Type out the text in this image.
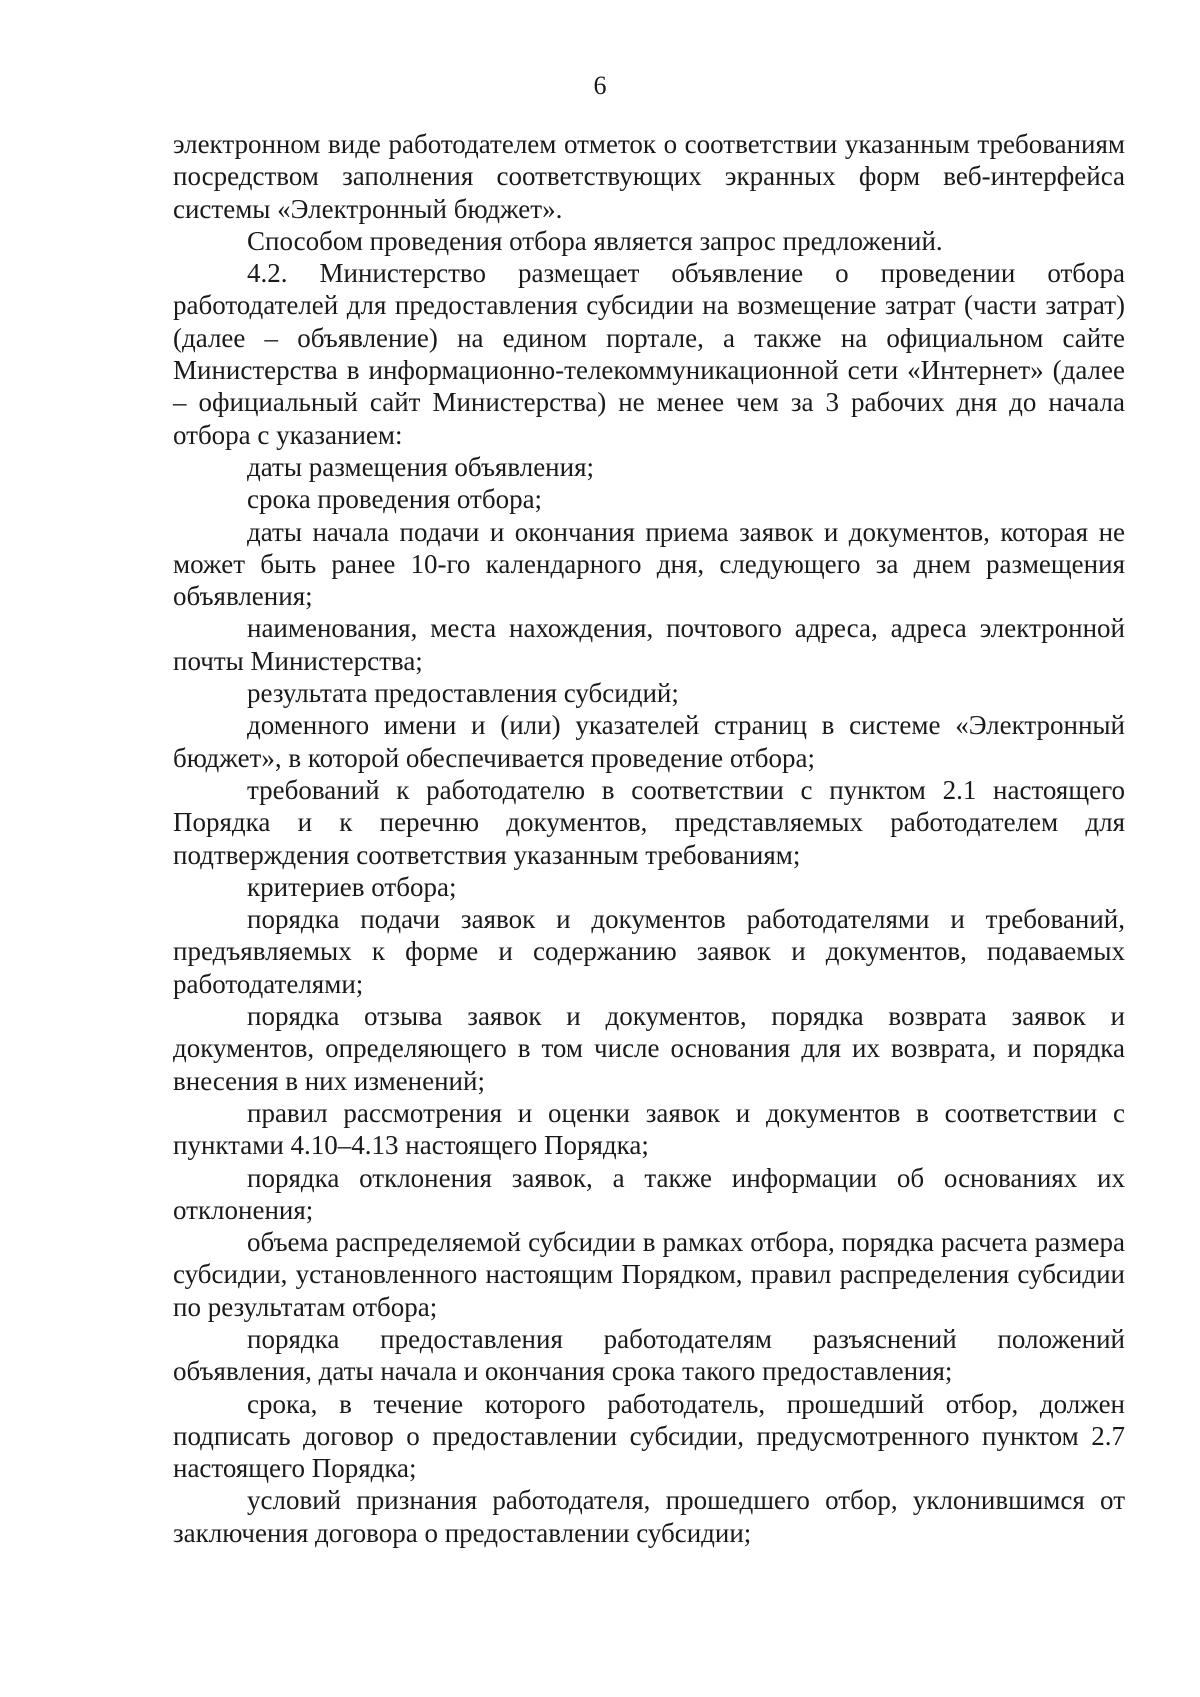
6

электронном виде работодателем отметок о соответствии указанным требованиям посредством заполнения соответствующих экранных форм веб-интерфейса системы «Электронный бюджет».

Способом проведения отбора является запрос предложений.

4.2. Министерство размещает объявление о проведении отбора работодателей для предоставления субсидии на возмещение затрат (части затрат) (далее – объявление) на едином портале, а также на официальном сайте Министерства в информационно-телекоммуникационной сети «Интернет» (далее – официальный сайт Министерства) не менее чем за 3 рабочих дня до начала отбора с указанием:

даты размещения объявления;

срока проведения отбора;

даты начала подачи и окончания приема заявок и документов, которая не может быть ранее 10-го календарного дня, следующего за днем размещения объявления;

наименования, места нахождения, почтового адреса, адреса электронной почты Министерства;

результата предоставления субсидий;

доменного имени и (или) указателей страниц в системе «Электронный бюджет», в которой обеспечивается проведение отбора;

требований к работодателю в соответствии с пунктом 2.1 настоящего Порядка и к перечню документов, представляемых работодателем для подтверждения соответствия указанным требованиям;

критериев отбора;

порядка подачи заявок и документов работодателями и требований, предъявляемых к форме и содержанию заявок и документов, подаваемых работодателями;

порядка отзыва заявок и документов, порядка возврата заявок и документов, определяющего в том числе основания для их возврата, и порядка внесения в них изменений;

правил рассмотрения и оценки заявок и документов в соответствии с пунктами 4.10–4.13 настоящего Порядка;

порядка отклонения заявок, а также информации об основаниях их отклонения;

объема распределяемой субсидии в рамках отбора, порядка расчета размера субсидии, установленного настоящим Порядком, правил распределения субсидии по результатам отбора;

порядка предоставления работодателям разъяснений положений объявления, даты начала и окончания срока такого предоставления;

срока, в течение которого работодатель, прошедший отбор, должен подписать договор о предоставлении субсидии, предусмотренного пунктом 2.7 настоящего Порядка;

условий признания работодателя, прошедшего отбор, уклонившимся от заключения договора о предоставлении субсидии;
